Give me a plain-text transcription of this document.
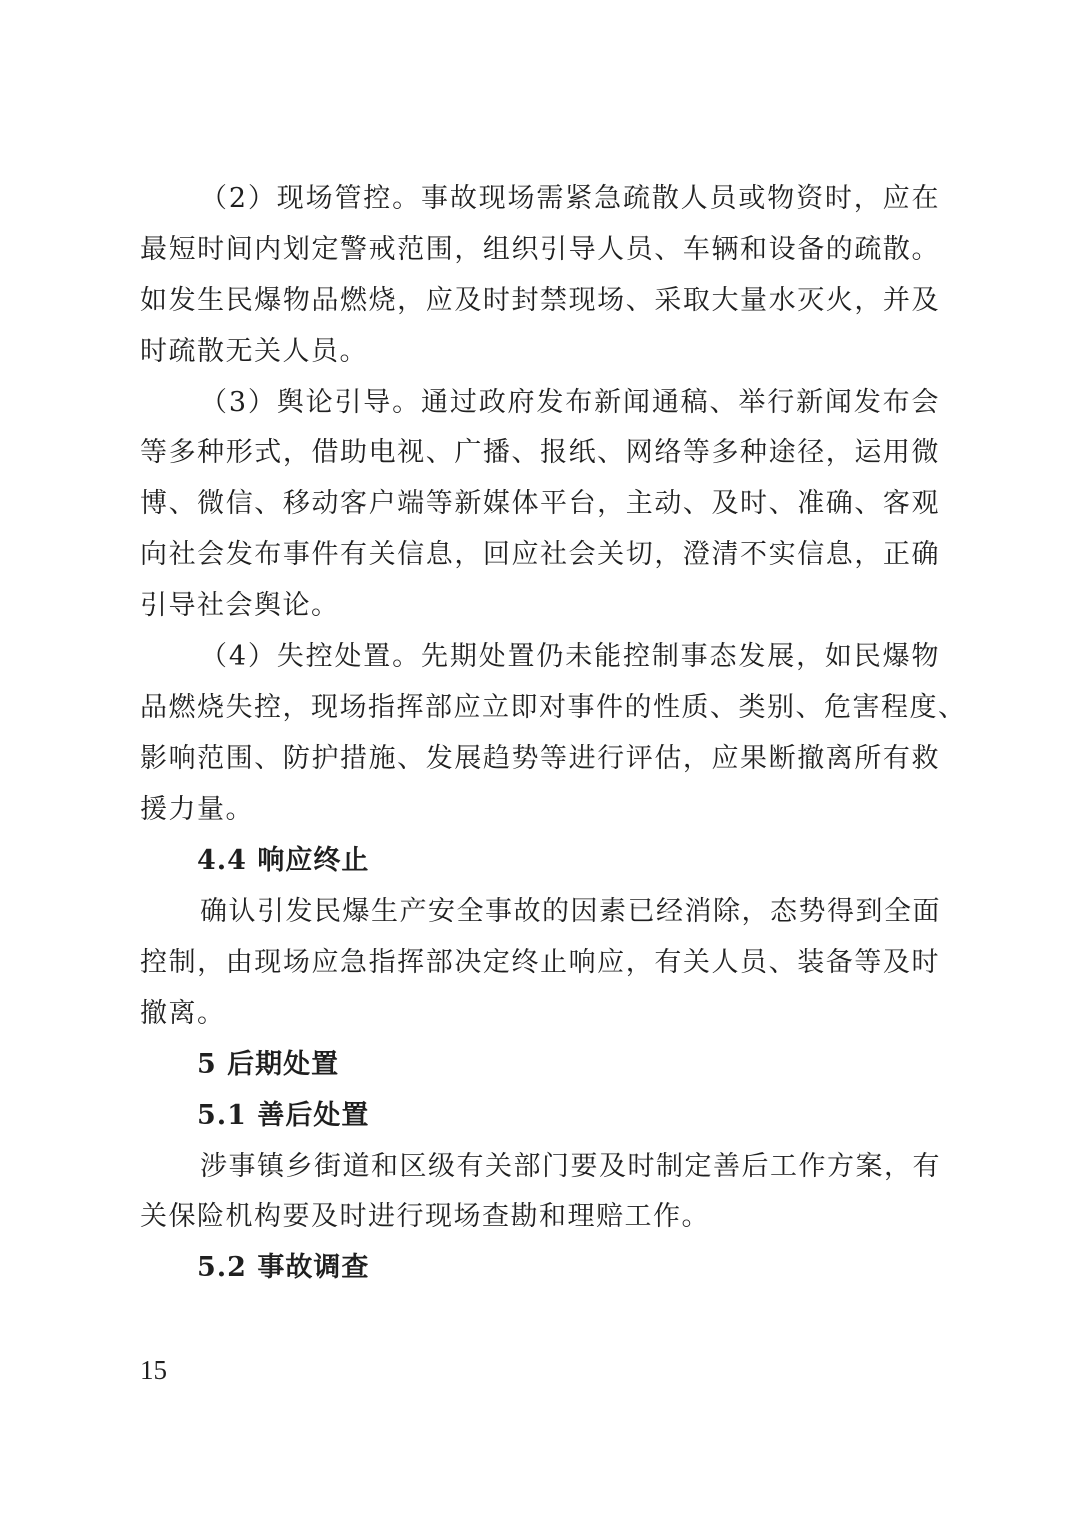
（2）现场管控。事故现场需紧急疏散人员或物资时，应在
最短时间内划定警戒范围，组织引导人员、车辆和设备的疏散。
如发生民爆物品燃烧，应及时封禁现场、采取大量水灭火，并及
时疏散无关人员。
（3）舆论引导。通过政府发布新闻通稿、举行新闻发布会
等多种形式，借助电视、广播、报纸、网络等多种途径，运用微
博、微信、移动客户端等新媒体平台，主动、及时、准确、客观
向社会发布事件有关信息，回应社会关切，澄清不实信息，正确
引导社会舆论。
（4）失控处置。先期处置仍未能控制事态发展，如民爆物
品燃烧失控，现场指挥部应立即对事件的性质、类别、危害程度、
影响范围、防护措施、发展趋势等进行评估，应果断撤离所有救
援力量。
4.4 响应终止
确认引发民爆生产安全事故的因素已经消除，态势得到全面
控制，由现场应急指挥部决定终止响应，有关人员、装备等及时
撤离。
5 后期处置
5.1 善后处置
涉事镇乡街道和区级有关部门要及时制定善后工作方案，有
关保险机构要及时进行现场查勘和理赔工作。
5.2 事故调查
15
